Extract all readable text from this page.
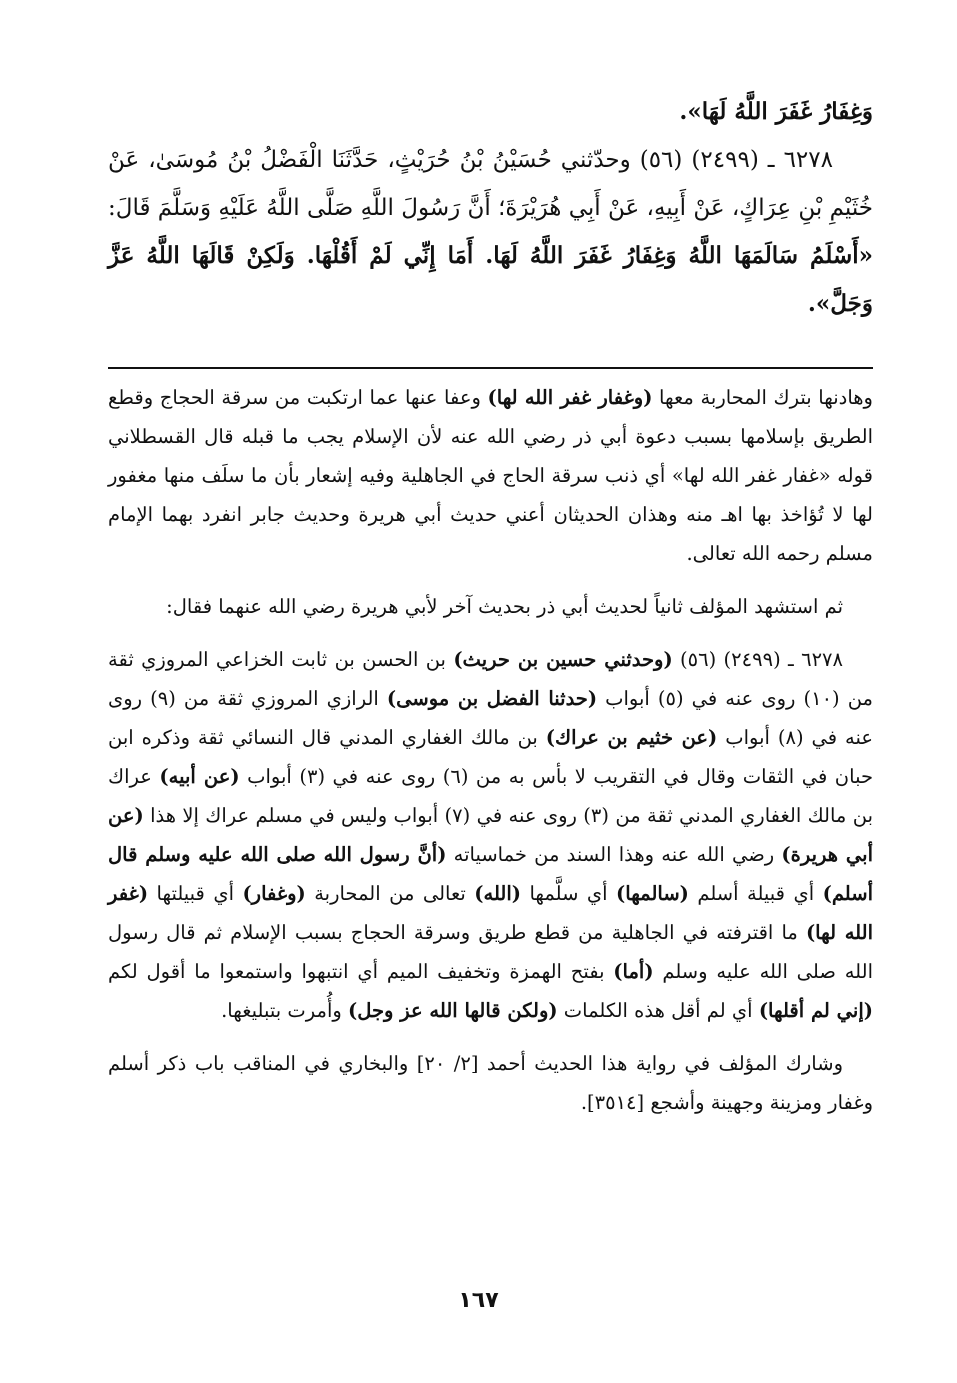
وَغِفَارُ غَفَرَ اللَّهُ لَهَا».

٦٢٧٨ ـ (٢٤٩٩) (٥٦) وحدّثني حُسَيْنُ بْنُ حُرَيْثٍ، حَدَّثَنَا الْفَضْلُ بْنُ مُوسَىٰ، عَنْ خُثَيْمِ بْنِ عِرَاكٍ، عَنْ أَبِيهِ، عَنْ أَبِي هُرَيْرَةَ؛ أَنَّ رَسُولَ اللَّهِ صَلَّى اللَّهُ عَلَيْهِ وَسَلَّمَ قَالَ: «أَسْلَمُ سَالَمَهَا اللَّهُ وَغِفَارُ غَفَرَ اللَّهُ لَهَا. أَمَا إِنِّي لَمْ أَقُلْهَا. وَلَكِنْ قَالَهَا اللَّهُ عَزَّ وَجَلَّ».

وهادنها بترك المحاربة معها (وغفار غفر الله لها) وعفا عنها عما ارتكبت من سرقة الحجاج وقطع الطريق بإسلامها بسبب دعوة أبي ذر رضي الله عنه لأن الإسلام يجب ما قبله قال القسطلاني قوله «غفار غفر الله لها» أي ذنب سرقة الحاج في الجاهلية وفيه إشعار بأن ما سلَف منها مغفور لها لا تُؤاخذ بها اهـ منه وهذان الحديثان أعني حديث أبي هريرة وحديث جابر انفرد بهما الإمام مسلم رحمه الله تعالى.

ثم استشهد المؤلف ثانياً لحديث أبي ذر بحديث آخر لأبي هريرة رضي الله عنهما فقال:

٦٢٧٨ ـ (٢٤٩٩) (٥٦) (وحدثني حسين بن حريث) بن الحسن بن ثابت الخزاعي المروزي ثقة من (١٠) روى عنه في (٥) أبواب (حدثنا الفضل بن موسى) الرازي المروزي ثقة من (٩) روى عنه في (٨) أبواب (عن خثيم بن عراك) بن مالك الغفاري المدني قال النسائي ثقة وذكره ابن حبان في الثقات وقال في التقريب لا بأس به من (٦) روى عنه في (٣) أبواب (عن أبيه) عراك بن مالك الغفاري المدني ثقة من (٣) روى عنه في (٧) أبواب وليس في مسلم عراك إلا هذا (عن أبي هريرة) رضي الله عنه وهذا السند من خماسياته (أنَّ رسول الله صلى الله عليه وسلم قال أسلم) أي قبيلة أسلم (سالمها) أي سلَّمها (الله) تعالى من المحاربة (وغفار) أي قبيلتها (غفر الله لها) ما اقترفته في الجاهلية من قطع طريق وسرقة الحجاج بسبب الإسلام ثم قال رسول الله صلى الله عليه وسلم (أما) بفتح الهمزة وتخفيف الميم أي انتبهوا واستمعوا ما أقول لكم (إني لم أقلها) أي لم أقل هذه الكلمات (ولكن قالها الله عز وجل) وأُمرت بتبليغها.

وشارك المؤلف في رواية هذا الحديث أحمد [٢/ ٢٠] والبخاري في المناقب باب ذكر أسلم وغفار ومزينة وجهينة وأشجع [٣٥١٤].

١٦٧
